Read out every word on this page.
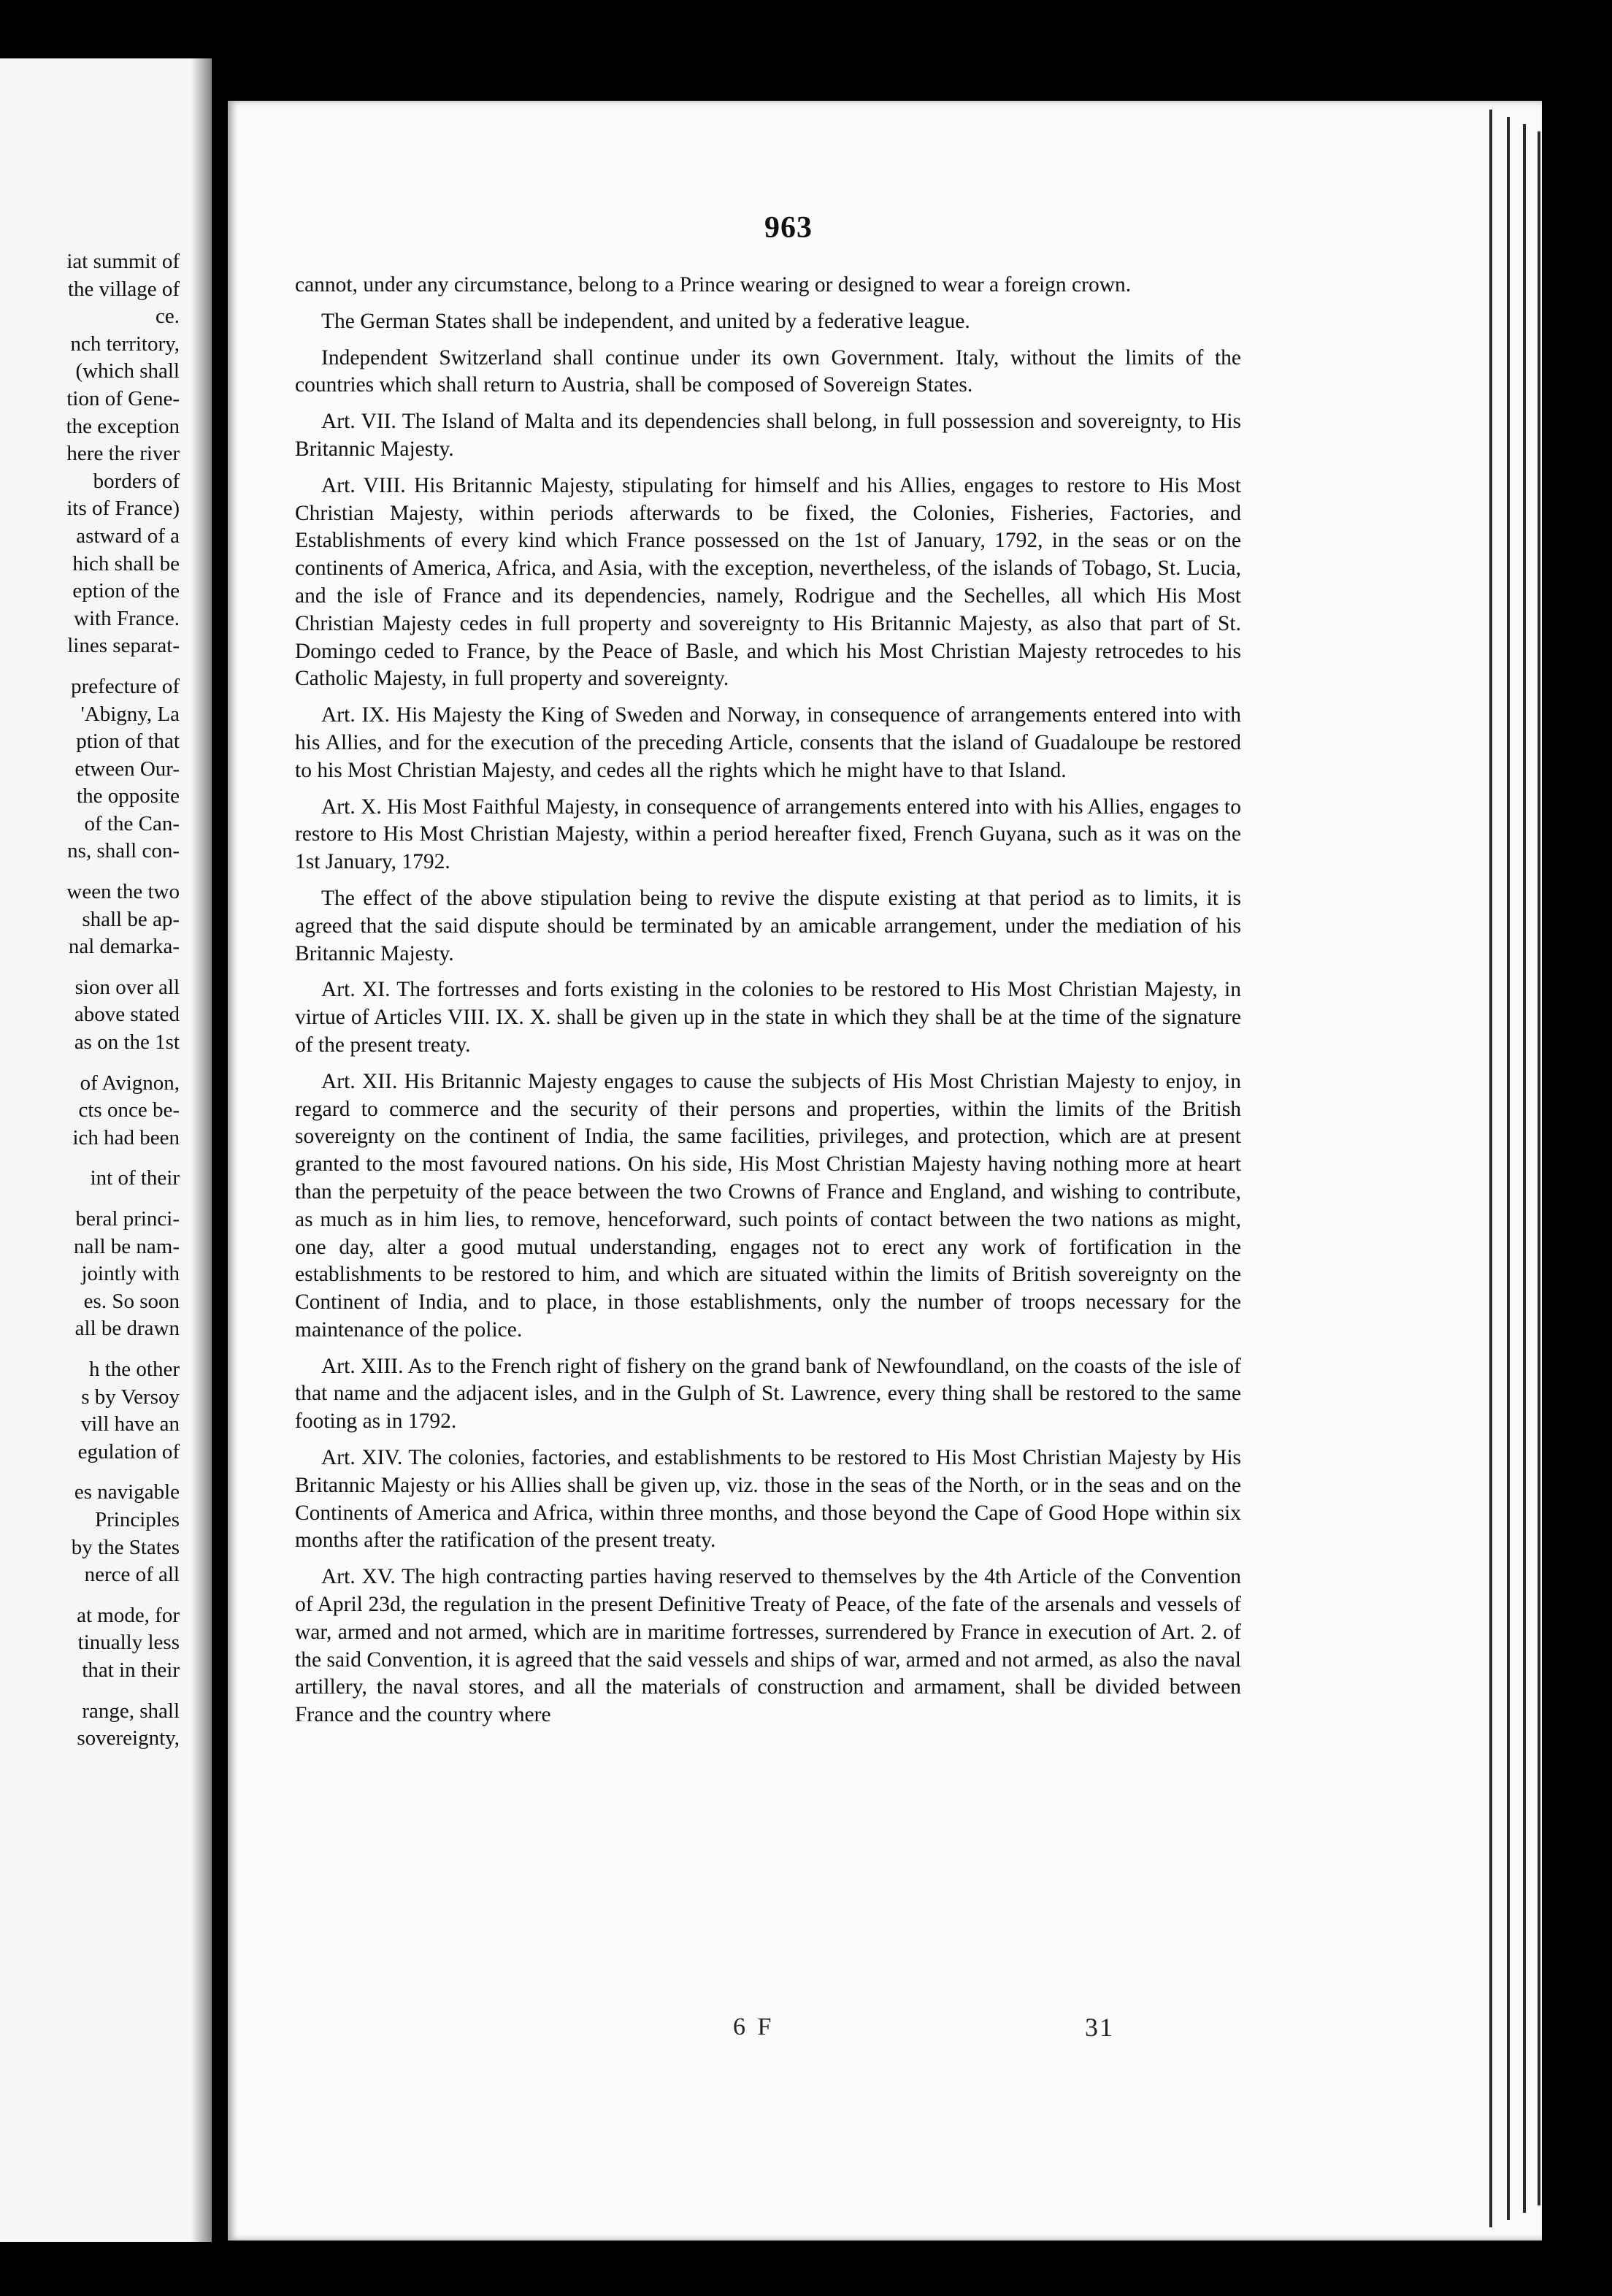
iat summit of
the village of
ce.
nch territory,
(which shall
tion of Gene-
the exception
here the river
borders of
its of France)
astward of a
hich shall be
eption of the
with France.
lines separat-
prefecture of
'Abigny, La
ption of that
etween Our-
the opposite
of the Can-
ns, shall con-
ween the two
shall be ap-
nal demarka-
sion over all
above stated
as on the 1st
of Avignon,
cts once be-
ich had been
int of their
beral princi-
nall be nam-
jointly with
es. So soon
all be drawn
h the other
s by Versoy
vill have an
egulation of
es navigable
Principles
by the States
nerce of all
at mode, for
tinually less
that in their
range, shall
sovereignty,
963

cannot, under any circumstance, belong to a Prince wearing or designed to wear a foreign crown.

The German States shall be independent, and united by a federative league.

Independent Switzerland shall continue under its own Government. Italy, without the limits of the countries which shall return to Austria, shall be composed of Sovereign States.

Art. VII. The Island of Malta and its dependencies shall belong, in full possession and sovereignty, to His Britannic Majesty.

Art. VIII. His Britannic Majesty, stipulating for himself and his Allies, engages to restore to His Most Christian Majesty, within periods afterwards to be fixed, the Colonies, Fisheries, Factories, and Establishments of every kind which France possessed on the 1st of January, 1792, in the seas or on the continents of America, Africa, and Asia, with the exception, nevertheless, of the islands of Tobago, St. Lucia, and the isle of France and its dependencies, namely, Rodrigue and the Sechelles, all which His Most Christian Majesty cedes in full property and sovereignty to His Britannic Majesty, as also that part of St. Domingo ceded to France, by the Peace of Basle, and which his Most Christian Majesty retrocedes to his Catholic Majesty, in full property and sovereignty.

Art. IX. His Majesty the King of Sweden and Norway, in consequence of arrangements entered into with his Allies, and for the execution of the preceding Article, consents that the island of Guadaloupe be restored to his Most Christian Majesty, and cedes all the rights which he might have to that Island.

Art. X. His Most Faithful Majesty, in consequence of arrangements entered into with his Allies, engages to restore to His Most Christian Majesty, within a period hereafter fixed, French Guyana, such as it was on the 1st January, 1792.

The effect of the above stipulation being to revive the dispute existing at that period as to limits, it is agreed that the said dispute should be terminated by an amicable arrangement, under the mediation of his Britannic Majesty.

Art. XI. The fortresses and forts existing in the colonies to be restored to His Most Christian Majesty, in virtue of Articles VIII. IX. X. shall be given up in the state in which they shall be at the time of the signature of the present treaty.

Art. XII. His Britannic Majesty engages to cause the subjects of His Most Christian Majesty to enjoy, in regard to commerce and the security of their persons and properties, within the limits of the British sovereignty on the continent of India, the same facilities, privileges, and protection, which are at present granted to the most favoured nations. On his side, His Most Christian Majesty having nothing more at heart than the perpetuity of the peace between the two Crowns of France and England, and wishing to contribute, as much as in him lies, to remove, henceforward, such points of contact between the two nations as might, one day, alter a good mutual understanding, engages not to erect any work of fortification in the establishments to be restored to him, and which are situated within the limits of British sovereignty on the Continent of India, and to place, in those establishments, only the number of troops necessary for the maintenance of the police.

Art. XIII. As to the French right of fishery on the grand bank of Newfoundland, on the coasts of the isle of that name and the adjacent isles, and in the Gulph of St. Lawrence, every thing shall be restored to the same footing as in 1792.

Art. XIV. The colonies, factories, and establishments to be restored to His Most Christian Majesty by His Britannic Majesty or his Allies shall be given up, viz. those in the seas of the North, or in the seas and on the Continents of America and Africa, within three months, and those beyond the Cape of Good Hope within six months after the ratification of the present treaty.

Art. XV. The high contracting parties having reserved to themselves by the 4th Article of the Convention of April 23d, the regulation in the present Definitive Treaty of Peace, of the fate of the arsenals and vessels of war, armed and not armed, which are in maritime fortresses, surrendered by France in execution of Art. 2. of the said Convention, it is agreed that the said vessels and ships of war, armed and not armed, as also the naval artillery, the naval stores, and all the materials of construction and armament, shall be divided between France and the country where

6 F	31
